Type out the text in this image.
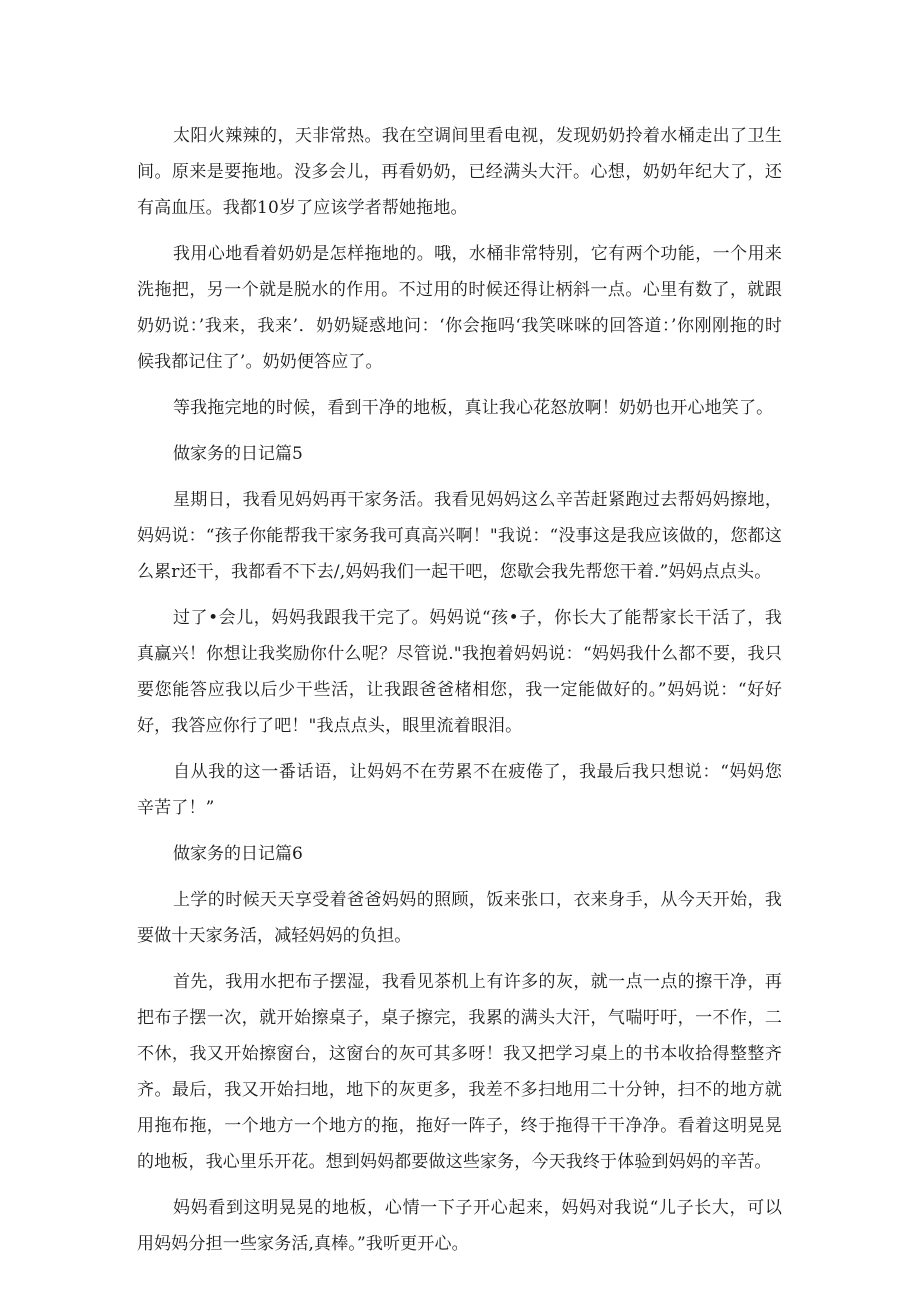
太阳火辣辣的，天非常热。我在空调间里看电视，发现奶奶拎着水桶走出了卫生间。原来是要拖地。没多会儿，再看奶奶，已经满头大汗。心想，奶奶年纪大了，还有高血压。我都10岁了应该学者帮她拖地。

我用心地看着奶奶是怎样拖地的。哦，水桶非常特别，它有两个功能，一个用来洗拖把，另一个就是脱水的作用。不过用的时候还得让柄斜一点。心里有数了，就跟奶奶说：’我来，我来’．奶奶疑惑地问：‘你会拖吗‘我笑咪咪的回答道：’你刚刚拖的时候我都记住了’。奶奶便答应了。

等我拖完地的时候，看到干净的地板，真让我心花怒放啊！奶奶也开心地笑了。

做家务的日记篇5

星期日，我看见妈妈再干家务活。我看见妈妈这么辛苦赶紧跑过去帮妈妈擦地，妈妈说：“孩子你能帮我干家务我可真高兴啊！"我说：“没事这是我应该做的，您都这么累r还干，我都看不下去/,妈妈我们一起干吧，您歇会我先帮您干着.”妈妈点点头。

过了•会儿，妈妈我跟我干完了。妈妈说“孩•子，你长大了能帮家长干活了，我真赢兴！你想让我奖励你什么呢？尽管说."我抱着妈妈说：“妈妈我什么都不要，我只要您能答应我以后少干些活，让我跟爸爸楮相您，我一定能做好的。”妈妈说：“好好好，我答应你行了吧！"我点点头，眼里流着眼泪。

自从我的这一番话语，让妈妈不在劳累不在疲倦了，我最后我只想说：“妈妈您辛苦了！”

做家务的日记篇6

上学的时候天天享受着爸爸妈妈的照顾，饭来张口，衣来身手，从今天开始，我要做十天家务活，减轻妈妈的负担。

首先，我用水把布子摆湿，我看见茶机上有许多的灰，就一点一点的擦干净，再把布子摆一次，就开始擦桌子，桌子擦完，我累的满头大汗，气喘吁吁，一不作，二不休，我又开始擦窗台，这窗台的灰可其多呀！我又把学习桌上的书本收拾得整整齐齐。最后，我又开始扫地，地下的灰更多，我差不多扫地用二十分钟，扫不的地方就用拖布拖，一个地方一个地方的拖，拖好一阵子，终于拖得干干净净。看着这明晃晃的地板，我心里乐开花。想到妈妈都要做这些家务，今天我终于体验到妈妈的辛苦。

妈妈看到这明晃晃的地板，心情一下子开心起来，妈妈对我说“儿子长大，可以用妈妈分担一些家务活,真棒。”我听更开心。
